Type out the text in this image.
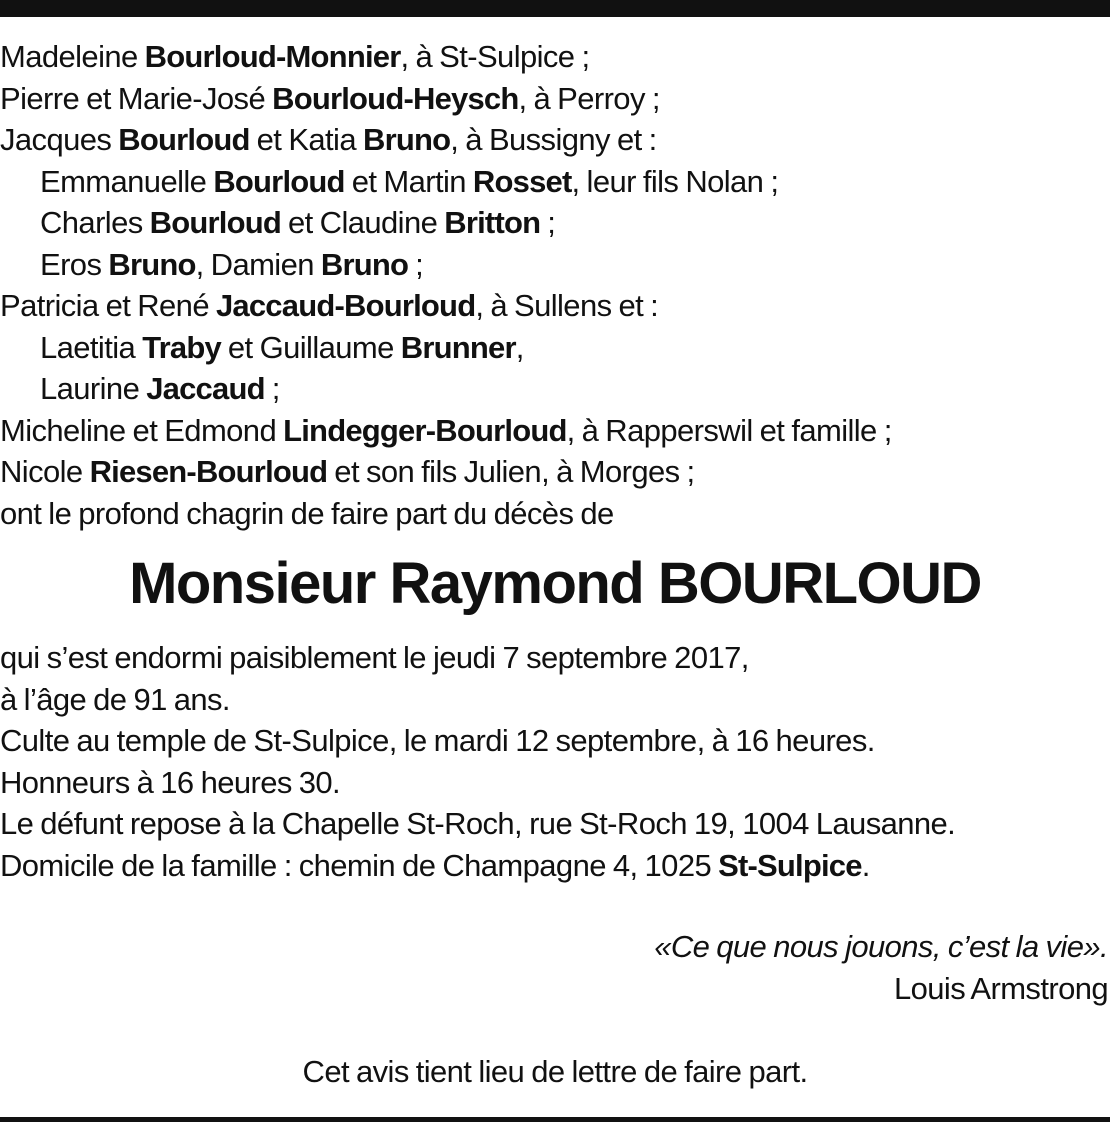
Madeleine Bourloud-Monnier, à St-Sulpice ;
Pierre et Marie-José Bourloud-Heysch, à Perroy ;
Jacques Bourloud et Katia Bruno, à Bussigny et :
Emmanuelle Bourloud et Martin Rosset, leur fils Nolan ;
Charles Bourloud et Claudine Britton ;
Eros Bruno, Damien Bruno ;
Patricia et René Jaccaud-Bourloud, à Sullens et :
Laetitia Traby et Guillaume Brunner,
Laurine Jaccaud ;
Micheline et Edmond Lindegger-Bourloud, à Rapperswil et famille ;
Nicole Riesen-Bourloud et son fils Julien, à Morges ;
ont le profond chagrin de faire part du décès de
Monsieur Raymond BOURLOUD
qui s’est endormi paisiblement le jeudi 7 septembre 2017,
à l’âge de 91 ans.
Culte au temple de St-Sulpice, le mardi 12 septembre, à 16 heures.
Honneurs à 16 heures 30.
Le défunt repose à la Chapelle St-Roch, rue St-Roch 19, 1004 Lausanne.
Domicile de la famille : chemin de Champagne 4, 1025 St-Sulpice.
«Ce que nous jouons, c’est la vie».
Louis Armstrong
Cet avis tient lieu de lettre de faire part.
